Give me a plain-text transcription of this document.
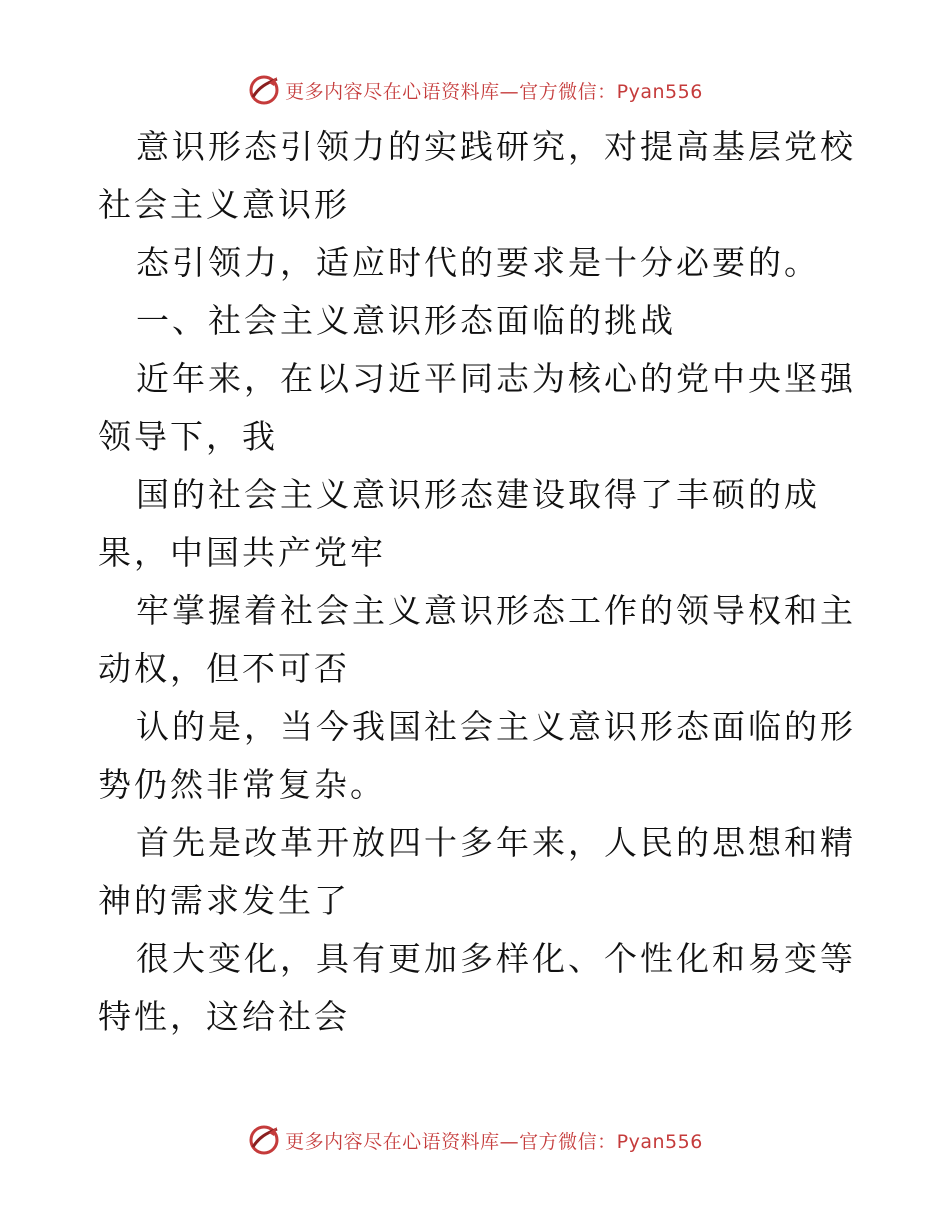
更多内容尽在心语资料库—官方微信：Pyan556

意识形态引领力的实践研究，对提高基层党校社会主义意识形

态引领力，适应时代的要求是十分必要的。

一、社会主义意识形态面临的挑战

近年来，在以习近平同志为核心的党中央坚强领导下，我

国的社会主义意识形态建设取得了丰硕的成果，中国共产党牢

牢掌握着社会主义意识形态工作的领导权和主动权，但不可否

认的是，当今我国社会主义意识形态面临的形势仍然非常复杂。

首先是改革开放四十多年来，人民的思想和精神的需求发生了

很大变化，具有更加多样化、个性化和易变等特性，这给社会

更多内容尽在心语资料库—官方微信：Pyan556
